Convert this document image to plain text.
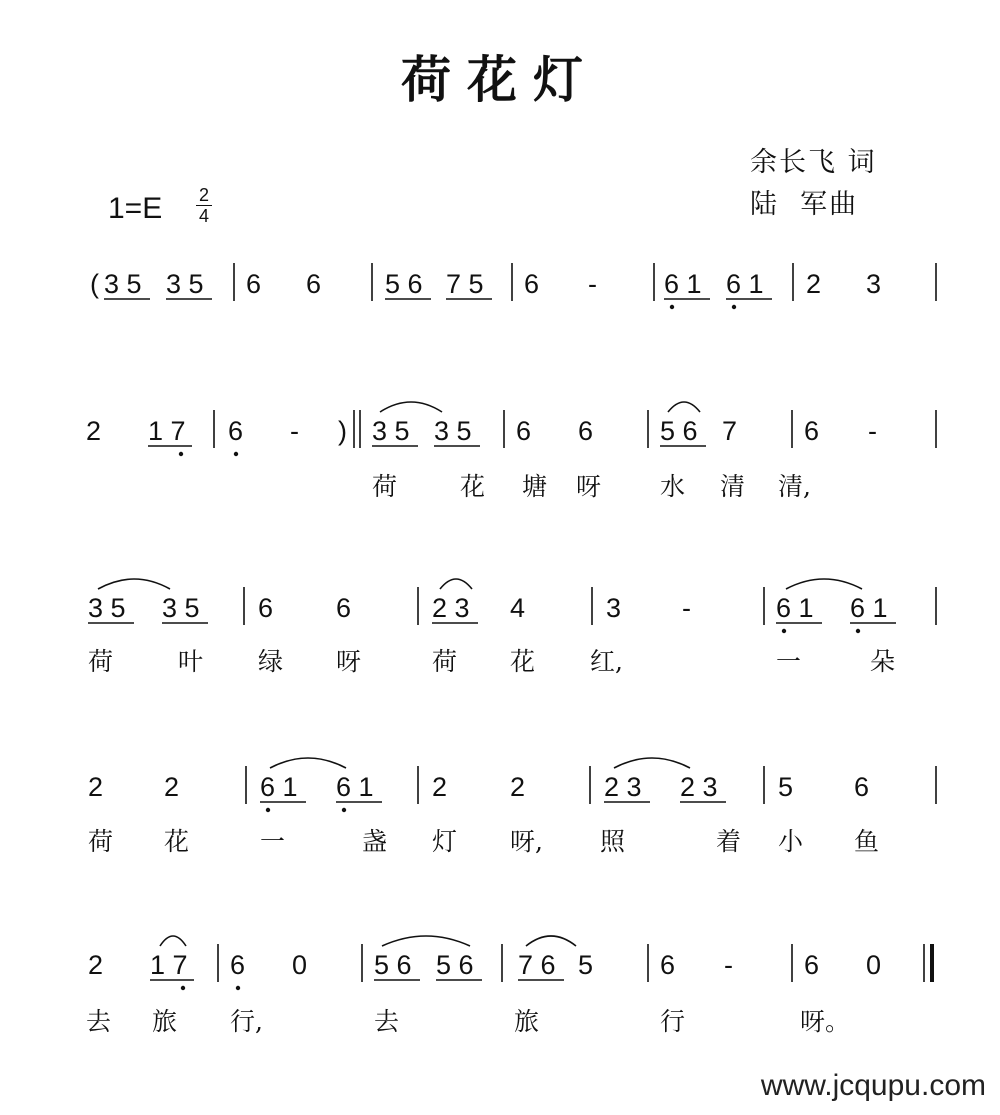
荷花灯
余长飞 词
陆  军曲
1=E 2
4
( 3 5 3 5 6 6 5 6 7 5 6 - 6 1 6 1 2 3
2 1 7 6 - ) 3 5 3 5 6 6 5 6 7 6 -
荷	花 塘 呀 水 清 清,
3 5 3 5 6 6	2 3 4	3 -	6 1 6 1
荷	叶 绿 呀	荷 花 红,	一	朵
2 2	6 1 6 1 2 2	2 3 2 3 5 6
荷 花	一	盏 灯 呀, 照	着 小 鱼
2 1 7 6 0 5 6 5 6 7 6 5 6 -	6 0
去 旅 行,	去	旅	行	呀。
www.jcqupu.com
